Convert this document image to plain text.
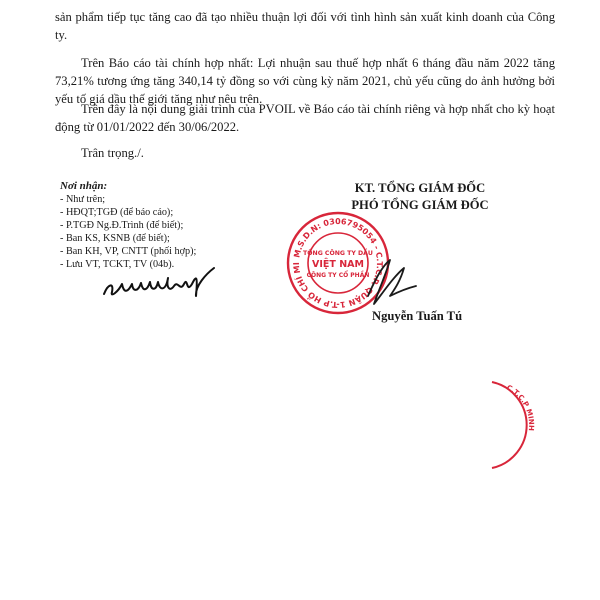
sản phẩm tiếp tục tăng cao đã tạo nhiều thuận lợi đối với tình hình sản xuất kinh doanh của Công ty.

Trên Báo cáo tài chính hợp nhất: Lợi nhuận sau thuế hợp nhất 6 tháng đầu năm 2022 tăng 73,21% tương ứng tăng 340,14 tỷ đồng so với cùng kỳ năm 2021, chủ yếu cũng do ảnh hưởng bởi yếu tố giá dầu thế giới tăng như nêu trên.

Trên đây là nội dung giải trình của PVOIL về Báo cáo tài chính riêng và hợp nhất cho kỳ hoạt động từ 01/01/2022 đến 30/06/2022.

Trân trọng./.

Nơi nhận:
- Như trên;
- HĐQT;TGĐ (để báo cáo);
- P.TGĐ Ng.Đ.Trình (để biết);
- Ban KS, KSNB (để biết);
- Ban KH, VP, CNTT (phối hợp);
- Lưu VT, TCKT, TV (04b).
KT. TỔNG GIÁM ĐỐC
PHÓ TỔNG GIÁM ĐỐC
M.S.D.N: 0306795054 - C.T.C.P. QUẬN 1-T.P HỒ CHÍ MINH
TỔNG CÔNG TY DẦU
VIỆT NAM
CÔNG TY CỔ PHẦN
Nguyễn Tuấn Tú
C.T.C.P MINH
